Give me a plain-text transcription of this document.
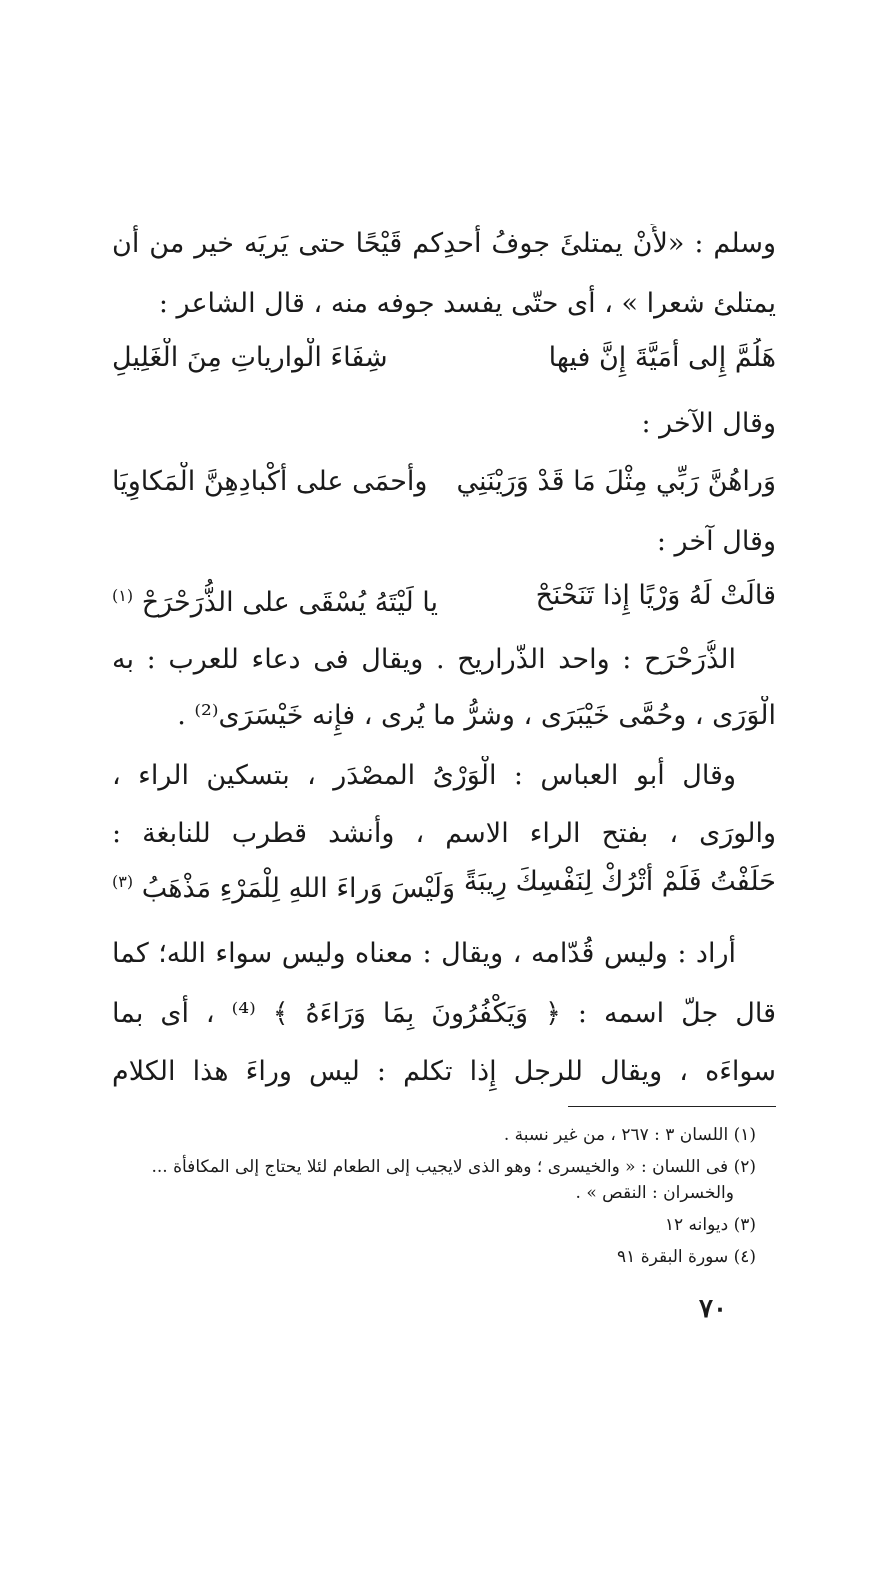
وسلم : «لأَنْ يمتلئَ جوفُ أَحدِكم قَيْحًا حتى يَريَه خير من أَن
يمتلئ شعرا » ، أَى حتّى يفسد جوفه منه ، قال الشاعر :
هَلُمَّ إِلى أُمَيَّةَ إِنَّ فيها
شِفَاءَ الْوارياتِ مِنَ الْغَلِيلِ
وقال الآخر :
وَراهُنَّ رَبِّي مِثْلَ مَا قَدْ وَرَيْنَنِي
وأَحمَى على أَكْبادِهِنَّ الْمَكاوِيَا
وقال آخر :
قالَتْ لَهُ وَرْيًا إِذا تَنَحْنَحْ
يا لَيْتَهُ يُسْقَى على الذُّرَحْرَحْ $^{(١)}$
الذُّرَحْرَح : واحد الذّراريح . ويقال فى دعاء للعرب : به
الْوَرَى ، وحُمَّى خَيْبَرَى ، وشرُّ ما يُرى ، فإِنه خَيْسَرَى⁽²⁾ .
وقال أَبو العباس : الْوَرْىُ المصْدَر ، بتسكين الراء ،
والورَى ، بفتح الراء الاسم ، وأَنشد قطرب للنابغة :
حَلَفْتُ فَلَمْ أَتْرُكْ لِنَفْسِكَ رِيبَةً
وَلَيْسَ وَراءَ اللهِ لِلْمَرْءِ مَذْهَبُ $^{(٣)}$
أَراد : وليس قُدّامه ، ويقال : معناه وليس سواء الله؛ كما
قال جلّ اسمه : ﴿ وَيَكْفُرُونَ بِمَا وَرَاءَهُ ﴾ ⁽⁴⁾ ، أَى بما
سواءَه ، ويقال للرجل إِذا تكلم : ليس وراءَ هذا الكلام
(١) اللسان ٣ : ٢٦٧ ، من غير نسبة .
(٢) فى اللسان : « والخيسرى ؛ وهو الذى لايجيب إلى الطعام لئلا يحتاج إلى المكافأة ...
والخسران : النقص » .
(٣) ديوانه ١٢
(٤) سورة البقرة ٩١
٧٠
